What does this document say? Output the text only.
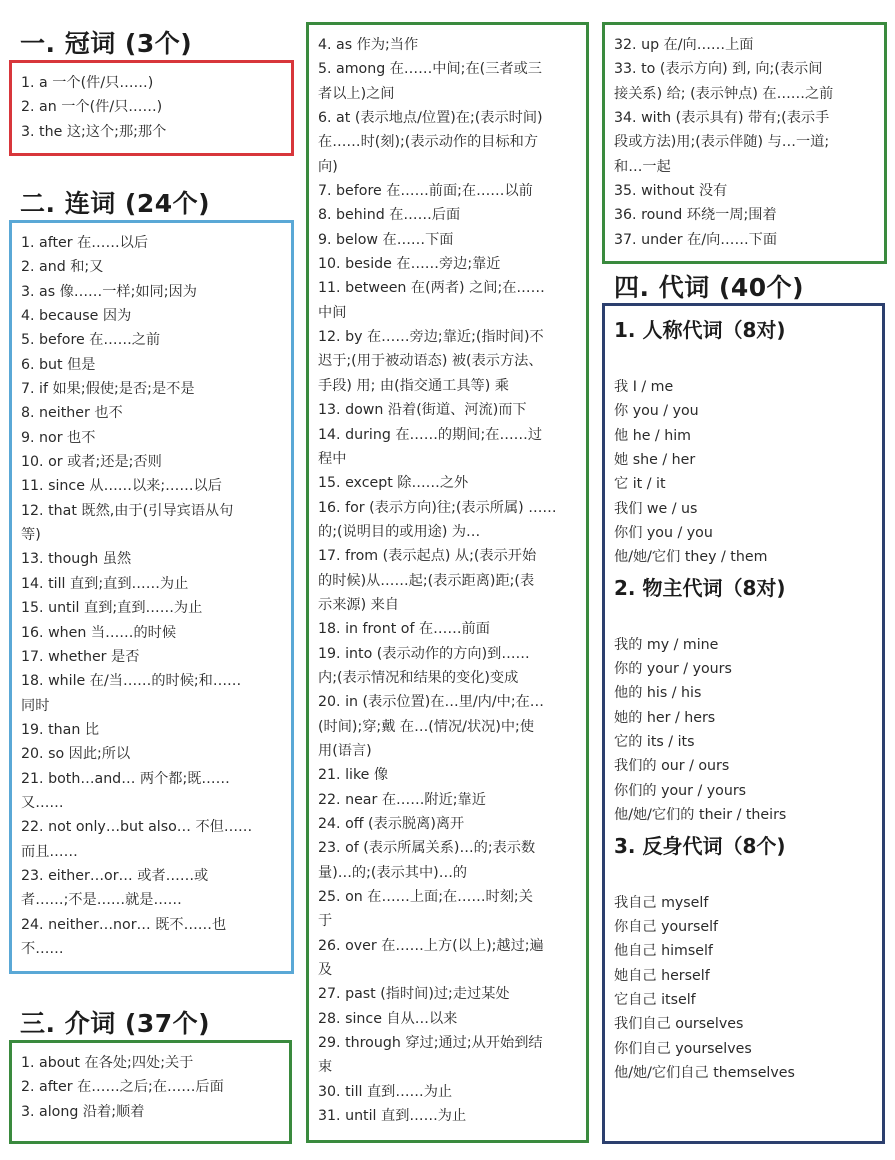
一. 冠词 (3个)
1. a 一个(件/只……)
2. an 一个(件/只……)
3. the 这;这个;那;那个
二. 连词 (24个)
1. after 在……以后
2. and 和;又
3. as 像……一样;如同;因为
4. because 因为
5. before 在……之前
6. but 但是
7. if 如果;假使;是否;是不是
8. neither 也不
9. nor 也不
10. or 或者;还是;否则
11. since 从……以来;……以后
12. that 既然,由于(引导宾语从句
等)
13. though 虽然
14. till 直到;直到……为止
15. until 直到;直到……为止
16. when 当……的时候
17. whether 是否
18. while 在/当……的时候;和……
同时
19. than 比
20. so 因此;所以
21. both…and… 两个都;既……
又……
22. not only…but also… 不但……
而且……
23. either…or… 或者……或
者……;不是……就是……
24. neither…nor… 既不……也
不……
三. 介词 (37个)
1. about 在各处;四处;关于
2. after 在……之后;在……后面
3. along 沿着;顺着
4. as 作为;当作
5. among 在……中间;在(三者或三
者以上)之间
6. at (表示地点/位置)在;(表示时间)
在……时(刻);(表示动作的目标和方
向)
7. before 在……前面;在……以前
8. behind 在……后面
9. below 在……下面
10. beside 在……旁边;靠近
11. between 在(两者) 之间;在……
中间
12. by 在……旁边;靠近;(指时间)不
迟于;(用于被动语态) 被(表示方法、
手段) 用; 由(指交通工具等) 乘
13. down 沿着(街道、河流)而下
14. during 在……的期间;在……过
程中
15. except 除……之外
16. for (表示方向)往;(表示所属) ……
的;(说明目的或用途) 为…
17. from (表示起点) 从;(表示开始
的时候)从……起;(表示距离)距;(表
示来源) 来自
18. in front of 在……前面
19. into (表示动作的方向)到……
内;(表示情况和结果的变化)变成
20. in (表示位置)在…里/内/中;在…
(时间);穿;戴 在…(情况/状况)中;使
用(语言)
21. like 像
22. near 在……附近;靠近
24. off (表示脱离)离开
23. of (表示所属关系)…的;表示数
量)…的;(表示其中)…的
25. on 在……上面;在……时刻;关
于
26. over 在……上方(以上);越过;遍
及
27. past (指时间)过;走过某处
28. since 自从…以来
29. through 穿过;通过;从开始到结
束
30. till 直到……为止
31. until 直到……为止
32. up 在/向……上面
33. to (表示方向) 到, 向;(表示间
接关系) 给; (表示钟点) 在……之前
34. with (表示具有) 带有;(表示手
段或方法)用;(表示伴随) 与…一道;
和…一起
35. without 没有
36. round 环绕一周;围着
37. under 在/向……下面
四. 代词 (40个)
1. 人称代词（8对)
我 I / me
你 you / you
他 he / him
她 she / her
它 it / it
我们 we / us
你们 you / you
他/她/它们 they / them
2. 物主代词（8对)
我的 my / mine
你的 your / yours
他的 his / his
她的 her / hers
它的 its / its
我们的 our / ours
你们的 your / yours
他/她/它们的 their / theirs
3. 反身代词（8个)
我自己 myself
你自己 yourself
他自己 himself
她自己 herself
它自己 itself
我们自己 ourselves
你们自己 yourselves
他/她/它们自己 themselves
